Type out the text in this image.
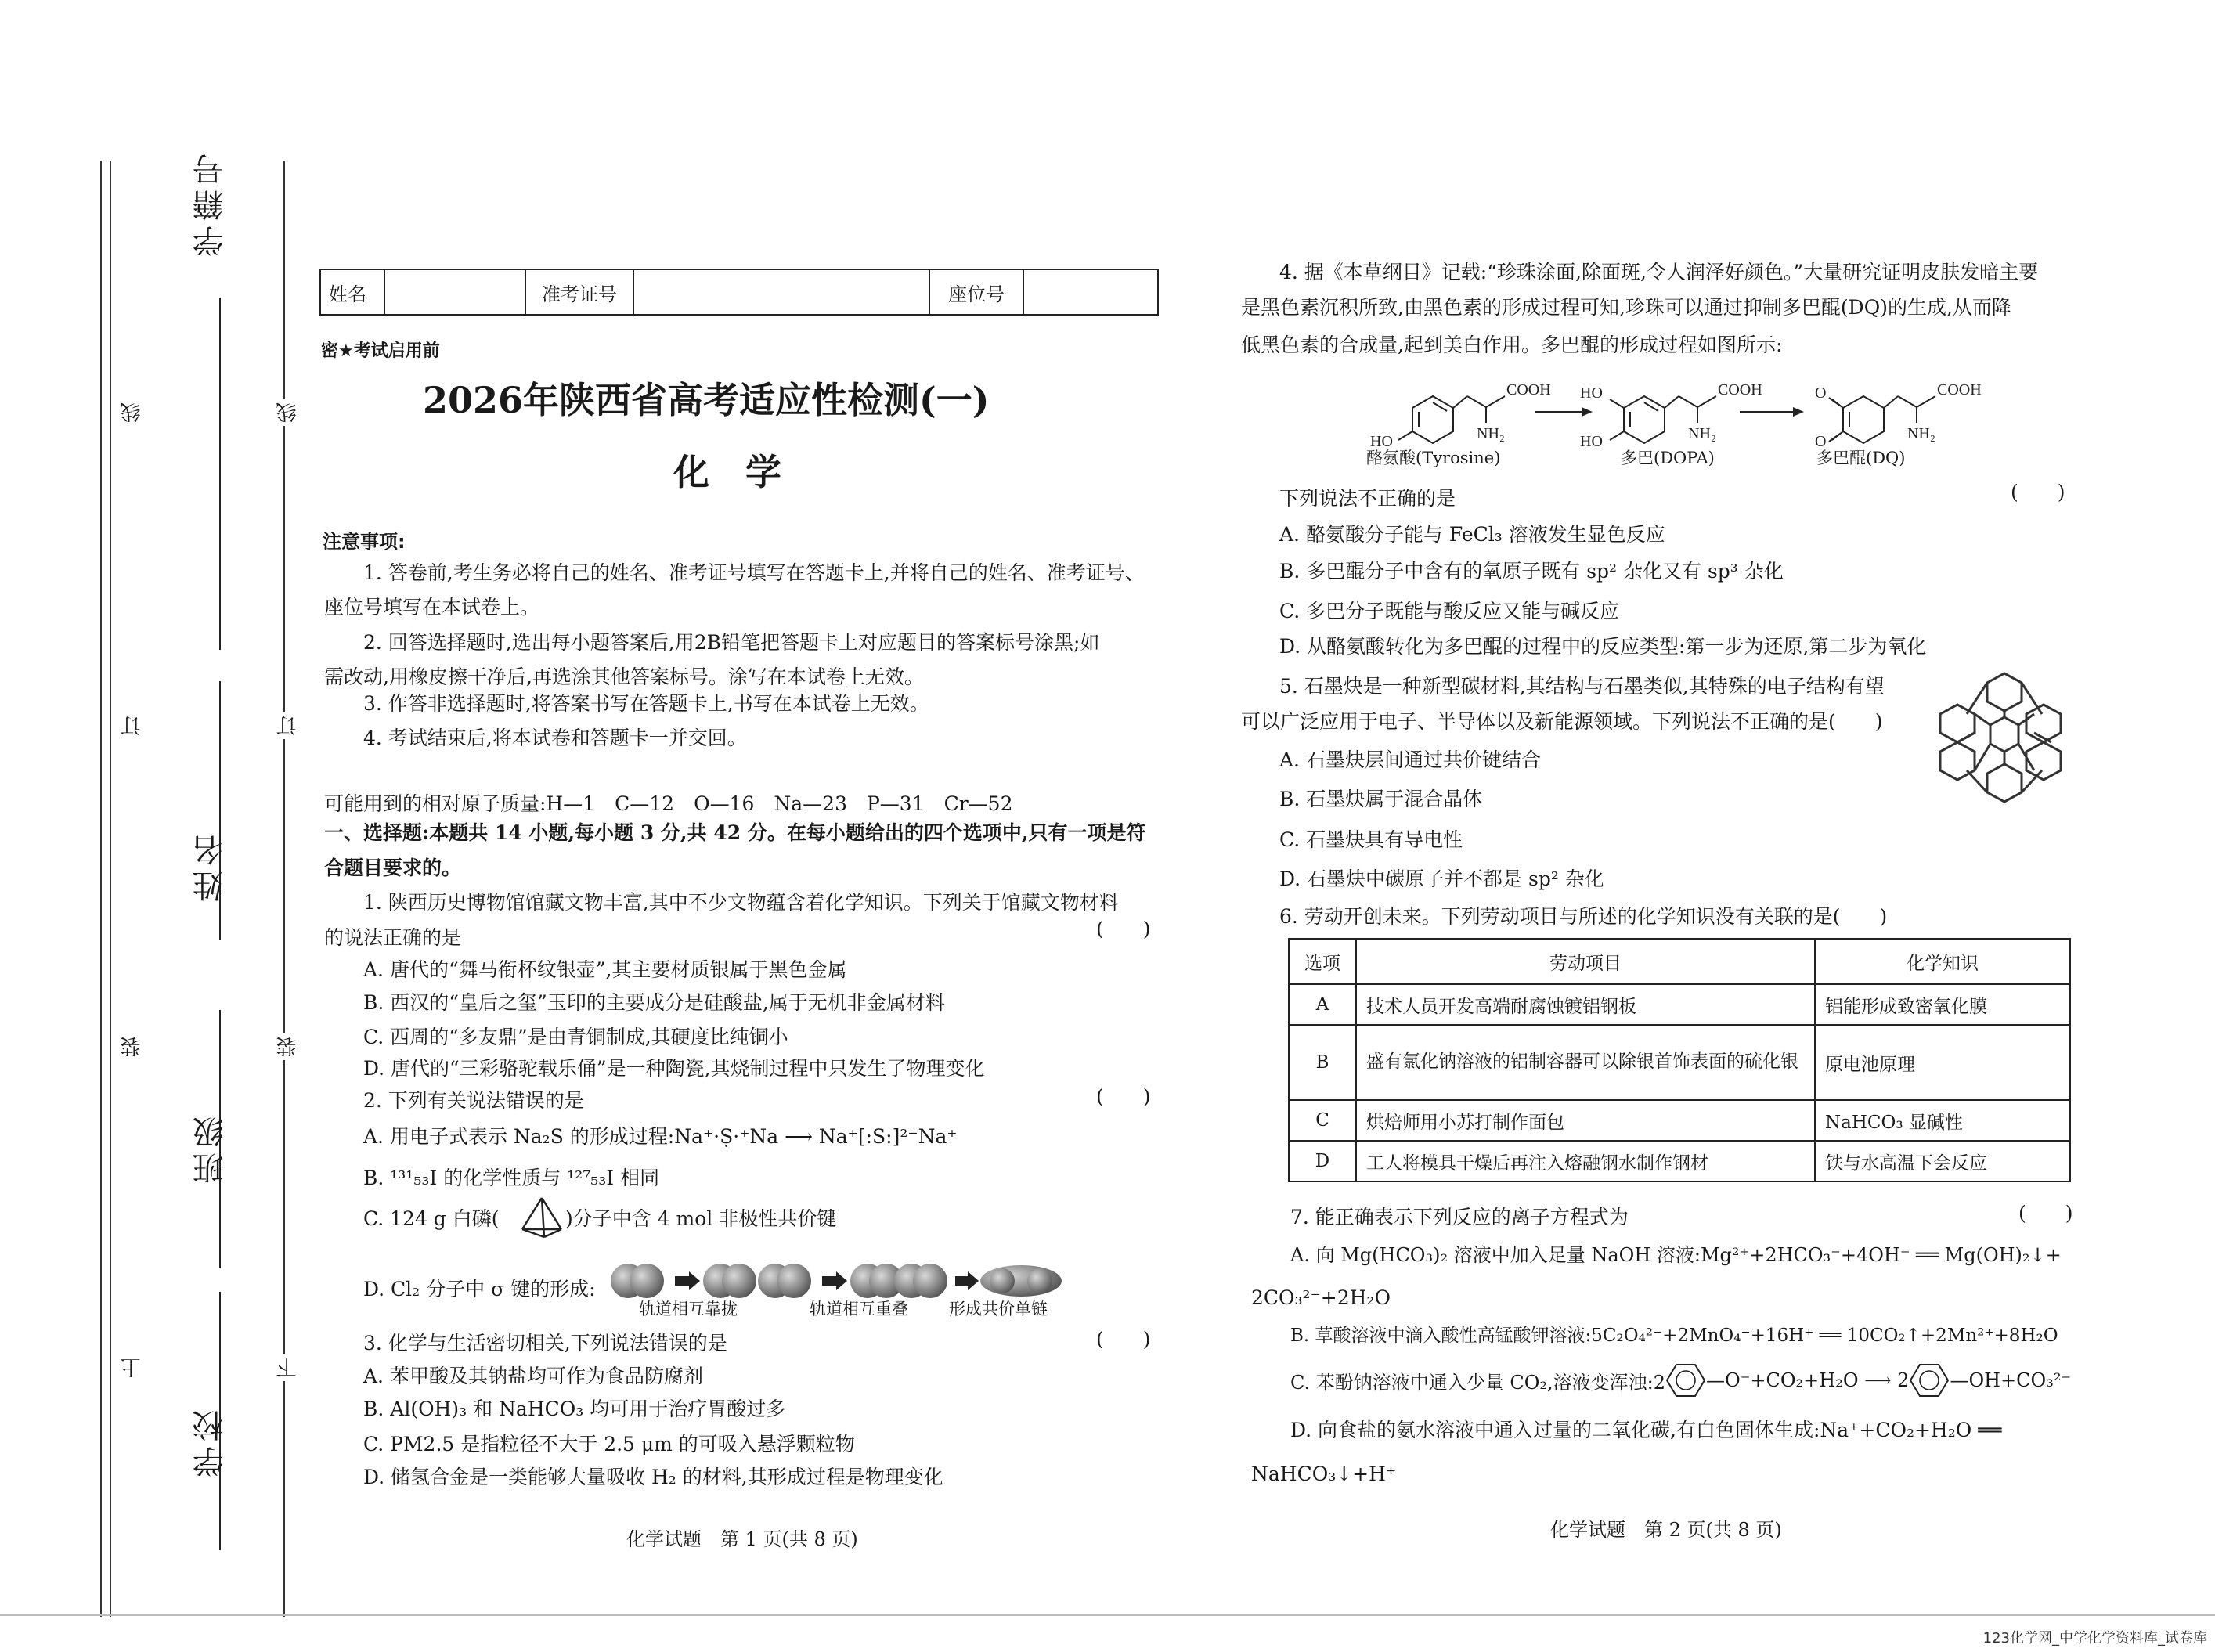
线
订
装
上
线
订
装
下
学籍号
姓名
班级
学校
姓名	准考证号	座位号
密★考试启用前
2026年陕西省高考适应性检测(一)
化　学
注意事项:
1. 答卷前,考生务必将自己的姓名、准考证号填写在答题卡上,并将自己的姓名、准考证号、
座位号填写在本试卷上。
2. 回答选择题时,选出每小题答案后,用2B铅笔把答题卡上对应题目的答案标号涂黑;如
需改动,用橡皮擦干净后,再选涂其他答案标号。涂写在本试卷上无效。
3. 作答非选择题时,将答案书写在答题卡上,书写在本试卷上无效。
4. 考试结束后,将本试卷和答题卡一并交回。
可能用到的相对原子质量:H—1　C—12　O—16　Na—23　P—31　Cr—52
一、选择题:本题共 14 小题,每小题 3 分,共 42 分。在每小题给出的四个选项中,只有一项是符
合题目要求的。
1. 陕西历史博物馆馆藏文物丰富,其中不少文物蕴含着化学知识。下列关于馆藏文物材料
的说法正确的是	(　　)
A. 唐代的“舞马衔杯纹银壶”,其主要材质银属于黑色金属
B. 西汉的“皇后之玺”玉印的主要成分是硅酸盐,属于无机非金属材料
C. 西周的“多友鼎”是由青铜制成,其硬度比纯铜小
D. 唐代的“三彩骆驼载乐俑”是一种陶瓷,其烧制过程中只发生了物理变化
2. 下列有关说法错误的是	(　　)
A. 用电子式表示 Na₂S 的形成过程:Na⁺·Ṣ·⁺Na ⟶ Na⁺[:S:]²⁻Na⁺
B. ¹³¹₅₃I 的化学性质与 ¹²⁷₅₃I 相同
C. 124 g 白磷(	)分子中含 4 mol 非极性共价键
D. Cl₂ 分子中 σ 键的形成:
轨道相互靠拢	轨道相互重叠 形成共价单链
3. 化学与生活密切相关,下列说法错误的是	(　　)
A. 苯甲酸及其钠盐均可作为食品防腐剂
B. Al(OH)₃ 和 NaHCO₃ 均可用于治疗胃酸过多
C. PM2.5 是指粒径不大于 2.5 μm 的可吸入悬浮颗粒物
D. 储氢合金是一类能够大量吸收 H₂ 的材料,其形成过程是物理变化
化学试题　第 1 页(共 8 页)
4. 据《本草纲目》记载:“珍珠涂面,除面斑,令人润泽好颜色。”大量研究证明皮肤发暗主要
是黑色素沉积所致,由黑色素的形成过程可知,珍珠可以通过抑制多巴醌(DQ)的生成,从而降
低黑色素的合成量,起到美白作用。多巴醌的形成过程如图所示:
COOH
NH₂
HO
COOH
NH₂
HO
HO
COOH
NH₂
O
O
酪氨酸(Tyrosine)	多巴(DOPA)	多巴醌(DQ)
下列说法不正确的是	(　　)
A. 酪氨酸分子能与 FeCl₃ 溶液发生显色反应
B. 多巴醌分子中含有的氧原子既有 sp² 杂化又有 sp³ 杂化
C. 多巴分子既能与酸反应又能与碱反应
D. 从酪氨酸转化为多巴醌的过程中的反应类型:第一步为还原,第二步为氧化
5. 石墨炔是一种新型碳材料,其结构与石墨类似,其特殊的电子结构有望
可以广泛应用于电子、半导体以及新能源领域。下列说法不正确的是(　　)
A. 石墨炔层间通过共价键结合
B. 石墨炔属于混合晶体
C. 石墨炔具有导电性
D. 石墨炔中碳原子并不都是 sp² 杂化
6. 劳动开创未来。下列劳动项目与所述的化学知识没有关联的是(　　)
选项	劳动项目	化学知识
A	技术人员开发高端耐腐蚀镀铝钢板	铝能形成致密氧化膜
B	盛有氯化钠溶液的铝制容器可以除银首饰表面的硫化银	原电池原理
C	烘焙师用小苏打制作面包	NaHCO₃ 显碱性
D	工人将模具干燥后再注入熔融钢水制作钢材	铁与水高温下会反应
7. 能正确表示下列反应的离子方程式为	(　　)
A. 向 Mg(HCO₃)₂ 溶液中加入足量 NaOH 溶液:Mg²⁺+2HCO₃⁻+4OH⁻ ══ Mg(OH)₂↓+
2CO₃²⁻+2H₂O
B. 草酸溶液中滴入酸性高锰酸钾溶液:5C₂O₄²⁻+2MnO₄⁻+16H⁺ ══ 10CO₂↑+2Mn²⁺+8H₂O
C. 苯酚钠溶液中通入少量 CO₂,溶液变浑浊:2 —O⁻+CO₂+H₂O ⟶ 2 —OH+CO₃²⁻
D. 向食盐的氨水溶液中通入过量的二氧化碳,有白色固体生成:Na⁺+CO₂+H₂O ══
NaHCO₃↓+H⁺
化学试题　第 2 页(共 8 页)
123化学网_中学化学资料库_试卷库
